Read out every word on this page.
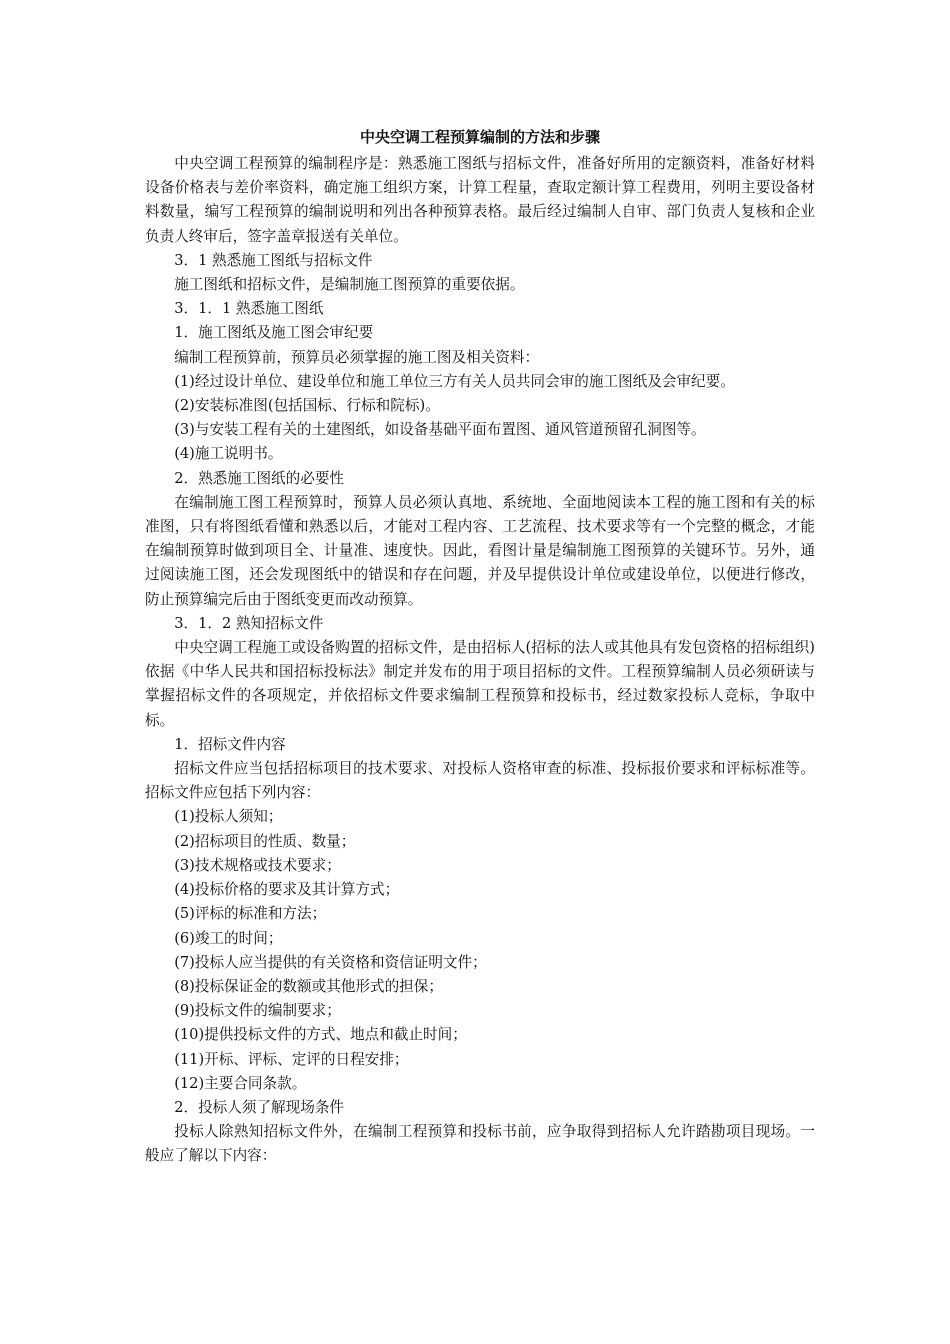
中央空调工程预算编制的方法和步骤
中央空调工程预算的编制程序是：熟悉施工图纸与招标文件，准备好所用的定额资料，准备好材料设备价格表与差价率资料，确定施工组织方案，计算工程量，查取定额计算工程费用，列明主要设备材料数量，编写工程预算的编制说明和列出各种预算表格。最后经过编制人自审、部门负责人复核和企业负责人终审后，签字盖章报送有关单位。
3．1 熟悉施工图纸与招标文件
施工图纸和招标文件，是编制施工图预算的重要依据。
3．1．1 熟悉施工图纸
1．施工图纸及施工图会审纪要
编制工程预算前，预算员必须掌握的施工图及相关资料：
(1)经过设计单位、建设单位和施工单位三方有关人员共同会审的施工图纸及会审纪要。
(2)安装标准图(包括国标、行标和院标)。
(3)与安装工程有关的土建图纸，如设备基础平面布置图、通风管道预留孔洞图等。
(4)施工说明书。
2．熟悉施工图纸的必要性
在编制施工图工程预算时，预算人员必须认真地、系统地、全面地阅读本工程的施工图和有关的标准图，只有将图纸看懂和熟悉以后，才能对工程内容、工艺流程、技术要求等有一个完整的概念，才能在编制预算时做到项目全、计量准、速度快。因此，看图计量是编制施工图预算的关键环节。另外，通过阅读施工图，还会发现图纸中的错误和存在问题，并及早提供设计单位或建设单位，以便进行修改，防止预算编完后由于图纸变更而改动预算。
3．1．2 熟知招标文件
中央空调工程施工或设备购置的招标文件，是由招标人(招标的法人或其他具有发包资格的招标组织)依据《中华人民共和国招标投标法》制定并发布的用于项目招标的文件。工程预算编制人员必须研读与掌握招标文件的各项规定，并依招标文件要求编制工程预算和投标书，经过数家投标人竞标，争取中标。
1．招标文件内容
招标文件应当包括招标项目的技术要求、对投标人资格审查的标准、投标报价要求和评标标准等。招标文件应包括下列内容：
(1)投标人须知；
(2)招标项目的性质、数量；
(3)技术规格或技术要求；
(4)投标价格的要求及其计算方式；
(5)评标的标准和方法；
(6)竣工的时间；
(7)投标人应当提供的有关资格和资信证明文件；
(8)投标保证金的数额或其他形式的担保；
(9)投标文件的编制要求；
(10)提供投标文件的方式、地点和截止时间；
(11)开标、评标、定评的日程安排；
(12)主要合同条款。
2．投标人须了解现场条件
投标人除熟知招标文件外，在编制工程预算和投标书前，应争取得到招标人允许踏勘项目现场。一般应了解以下内容：
